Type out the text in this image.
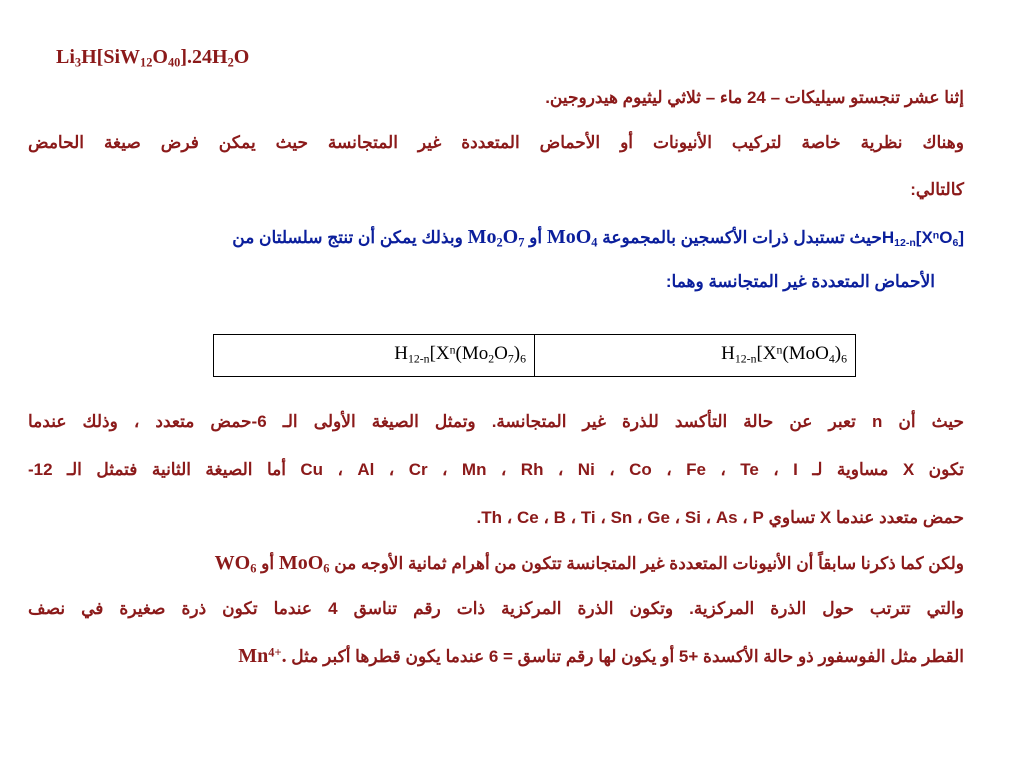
$Li_3H[SiW_{12}O_{40}].24H_2O$
إثنا عشر تنجستو سيليكات – 24 ماء – ثلاثي ليثيوم هيدروجين.
وهناك نظرية خاصة لتركيب الأنيونات أو الأحماض المتعددة غير المتجانسة حيث يمكن فرض صيغة الحامض
كالتالي:
$H_{12-n}[X^nO_6]حيث$ تستبدل ذرات الأكسجين بالمجموعة MoO$_4$ أو $Mo_2O_7$ وبذلك يمكن أن تنتج سلسلتان من
الأحماض المتعددة غير المتجانسة وهما:
$H_{12-n}[X^n(Mo_2O_7)_6$	$H_{12-n}[X^n(MoO_4)_6$
حيث أن n تعبر عن حالة التأكسد للذرة غير المتجانسة. وتمثل الصيغة الأولى الـ 6-حمض متعدد ، وذلك عندما
تكون X مساوية لـ Cu ، Al ، Cr ، Mn ، Rh ، Ni ، Co ، Fe ، Te ، I أما الصيغة الثانية فتمثل الـ 12-
حمض متعدد عندما X تساوي Th ، Ce ، B ، Ti ، Sn ، Ge ، Si ، As ، P.
ولكن كما ذكرنا سابقاً أن الأنيونات المتعددة غير المتجانسة تتكون من أهرام ثمانية الأوجه من MoO$_6$ أو $WO_6$
والتي تترتب حول الذرة المركزية. وتكون الذرة المركزية ذات رقم تناسق 4 عندما تكون ذرة صغيرة في نصف
القطر مثل الفوسفور ذو حالة الأكسدة +5 أو يكون لها رقم تناسق = 6 عندما يكون قطرها أكبر مثل $Mn^{4+}$.
